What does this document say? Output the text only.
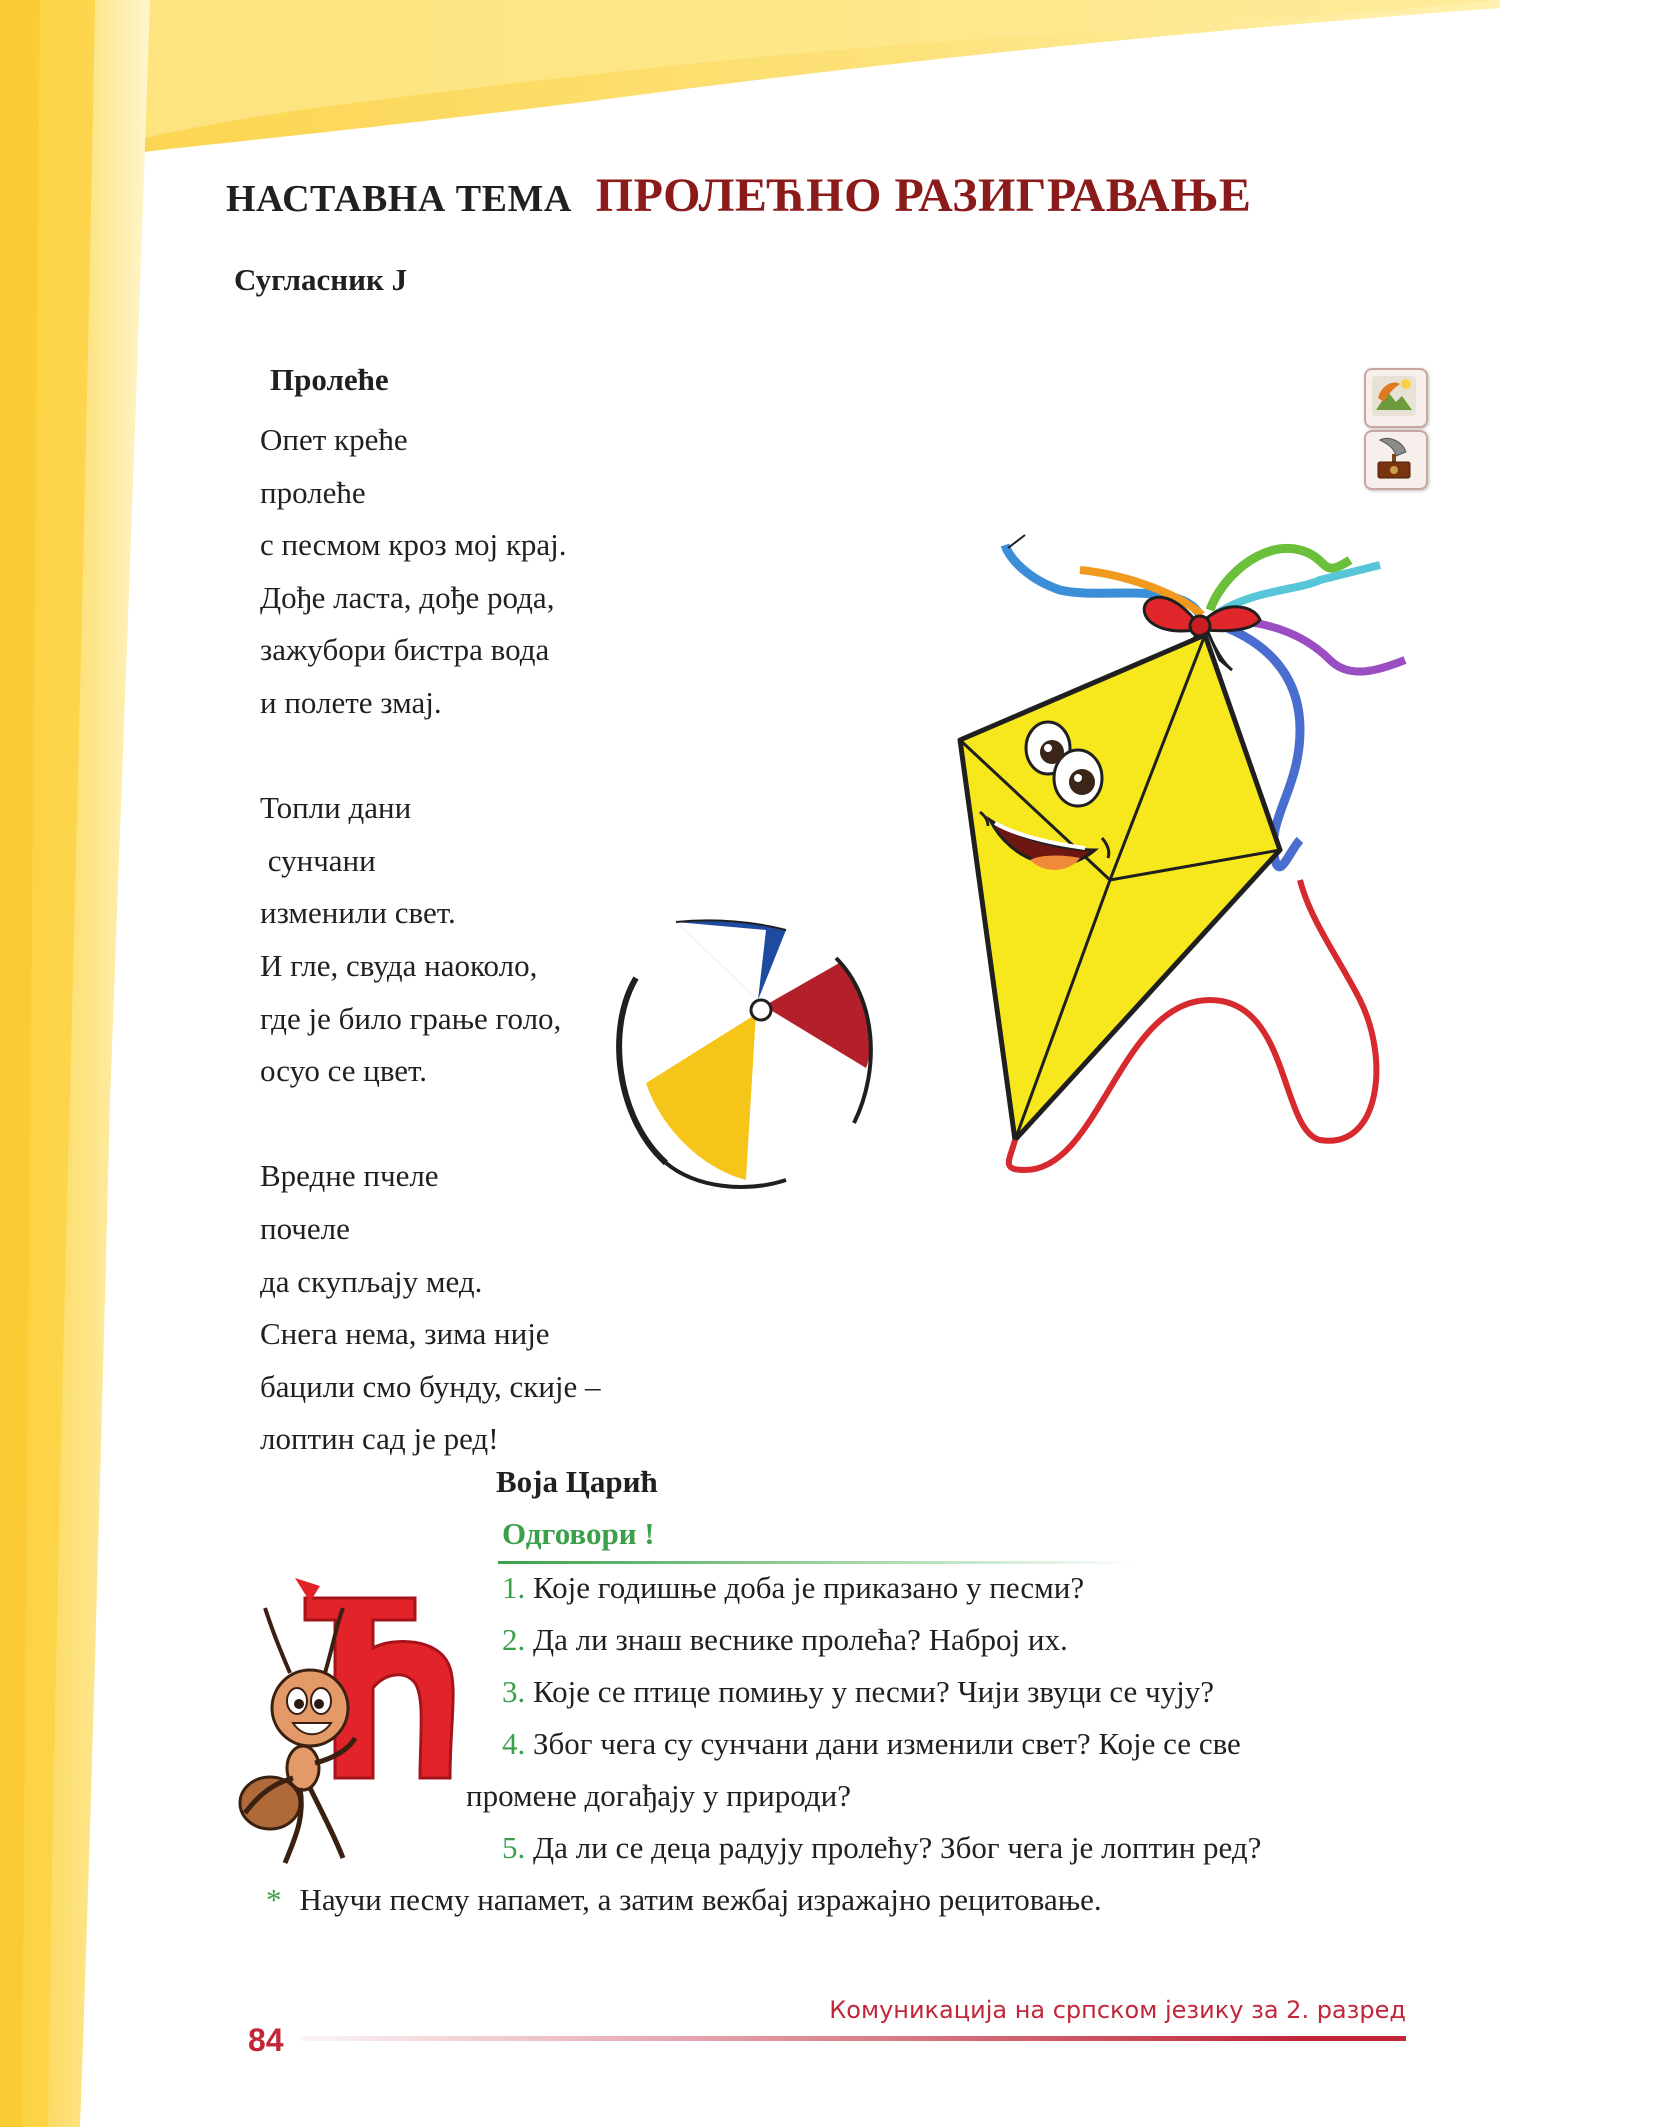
НАСТАВНА ТЕМА ПРОЛЕЋНО РАЗИГРАВАЊЕ
Сугласник Ј
Пролеће
Опет креће
пролеће
с песмом кроз мој крај.
Дође ласта, дође рода,
зажубори бистра вода
и полете змај.
Топли дани
сунчани
изменили свет.
И гле, свуда наоколо,
где је било грање голо,
осуо се цвет.
Вредне пчеле
почеле
да скупљају мед.
Снега нема, зима није
бацили смо бунду, скије –
лоптин сад је ред!
Воја Царић
Одговори !
1. Које годишње доба је приказано у песми?
2. Да ли знаш веснике пролећа? Наброј их.
3. Које се птице помињу у песми? Чији звуци се чују?
4. Због чега су сунчани дани изменили свет? Које се све
промене догађају у природи?
5. Да ли се деца радују пролећу? Због чега је лоптин ред?
* Научи песму напамет, а затим вежбај изражајно рецитовање.
Комуникација на српском језику за 2. разред
84
